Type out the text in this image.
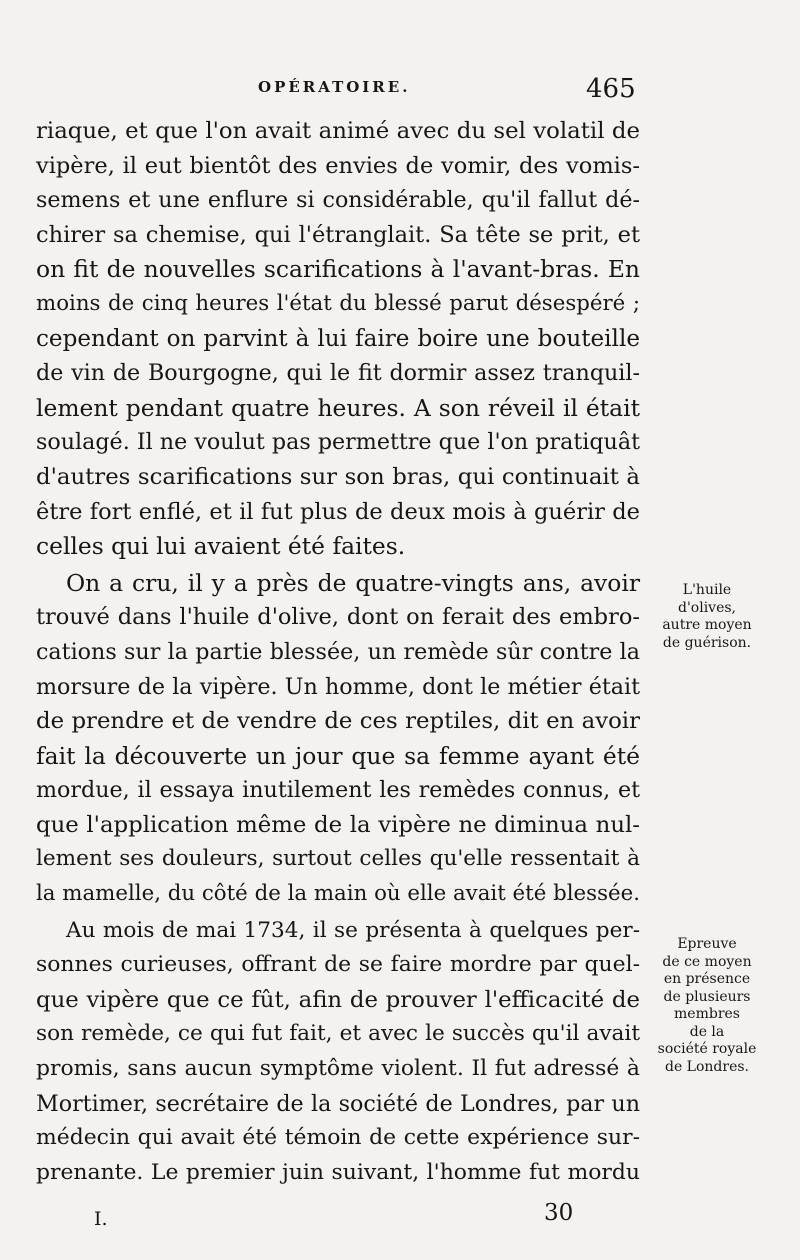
OPÉRATOIRE.	465
riaque, et que l'on avait animé avec du sel volatil de
vipère, il eut bientôt des envies de vomir, des vomis-
semens et une enflure si considérable, qu'il fallut dé-
chirer sa chemise, qui l'étranglait. Sa tête se prit, et
on fit de nouvelles scarifications à l'avant-bras. En
moins de cinq heures l'état du blessé parut désespéré ;
cependant on parvint à lui faire boire une bouteille
de vin de Bourgogne, qui le fit dormir assez tranquil-
lement pendant quatre heures. A son réveil il était
soulagé. Il ne voulut pas permettre que l'on pratiquât
d'autres scarifications sur son bras, qui continuait à
être fort enflé, et il fut plus de deux mois à guérir de
celles qui lui avaient été faites.
On a cru, il y a près de quatre-vingts ans, avoir
trouvé dans l'huile d'olive, dont on ferait des embro-
cations sur la partie blessée, un remède sûr contre la
morsure de la vipère. Un homme, dont le métier était
de prendre et de vendre de ces reptiles, dit en avoir
fait la découverte un jour que sa femme ayant été
mordue, il essaya inutilement les remèdes connus, et
que l'application même de la vipère ne diminua nul-
lement ses douleurs, surtout celles qu'elle ressentait à
la mamelle, du côté de la main où elle avait été blessée.
Au mois de mai 1734, il se présenta à quelques per-
sonnes curieuses, offrant de se faire mordre par quel-
que vipère que ce fût, afin de prouver l'efficacité de
son remède, ce qui fut fait, et avec le succès qu'il avait
promis, sans aucun symptôme violent. Il fut adressé à
Mortimer, secrétaire de la société de Londres, par un
médecin qui avait été témoin de cette expérience sur-
prenante. Le premier juin suivant, l'homme fut mordu
L'huile
d'olives,
autre moyen
de guérison.
Epreuve
de ce moyen
en présence
de plusieurs
membres
de la
société royale
de Londres.
I.	30
